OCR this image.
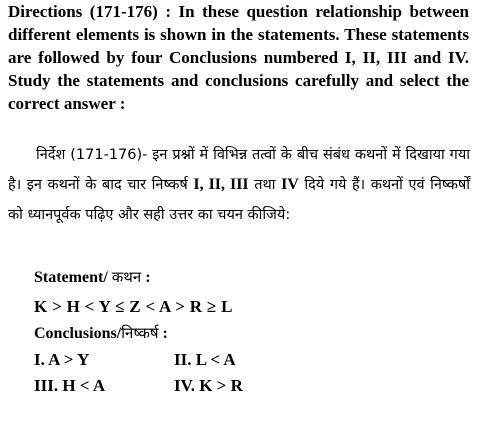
Directions (171-176) : In these question relationship between different elements is shown in the statements. These statements are followed by four Conclusions numbered I, II, III and IV. Study the statements and conclusions carefully and select the correct answer :

निर्देश (171-176)- इन प्रश्नों में विभिन्न तत्वों के बीच संबंध कथनों में दिखाया गया है। इन कथनों के बाद चार निष्कर्ष I, II, III तथा IV दिये गये हैं। कथनों एवं निष्कर्षों को ध्यानपूर्वक पढ़िए और सही उत्तर का चयन कीजिये:

Statement/ कथन :

K > H < Y ≤ Z < A > R ≥ L

Conclusions/निष्कर्ष :

I. A > Y	II. L < A

III. H < A	IV. K > R
